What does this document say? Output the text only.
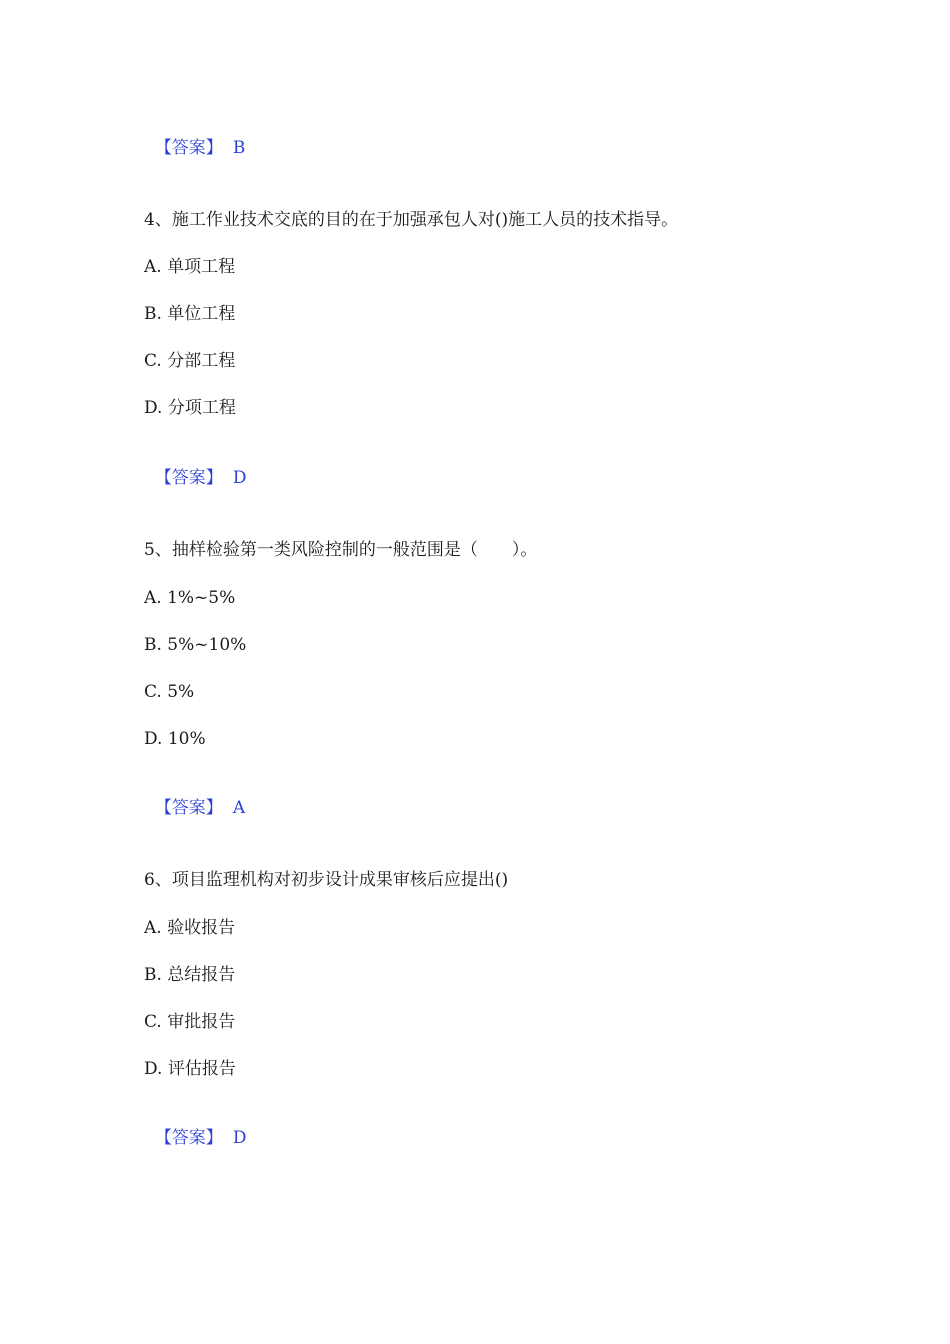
【答案】 B

4、施工作业技术交底的目的在于加强承包人对()施工人员的技术指导。
A. 单项工程
B. 单位工程
C. 分部工程
D. 分项工程

【答案】 D

5、抽样检验第一类风险控制的一般范围是（　　）。
A. 1%~5%
B. 5%~10%
C. 5%
D. 10%

【答案】 A

6、项目监理机构对初步设计成果审核后应提出()
A. 验收报告
B. 总结报告
C. 审批报告
D. 评估报告

【答案】 D
